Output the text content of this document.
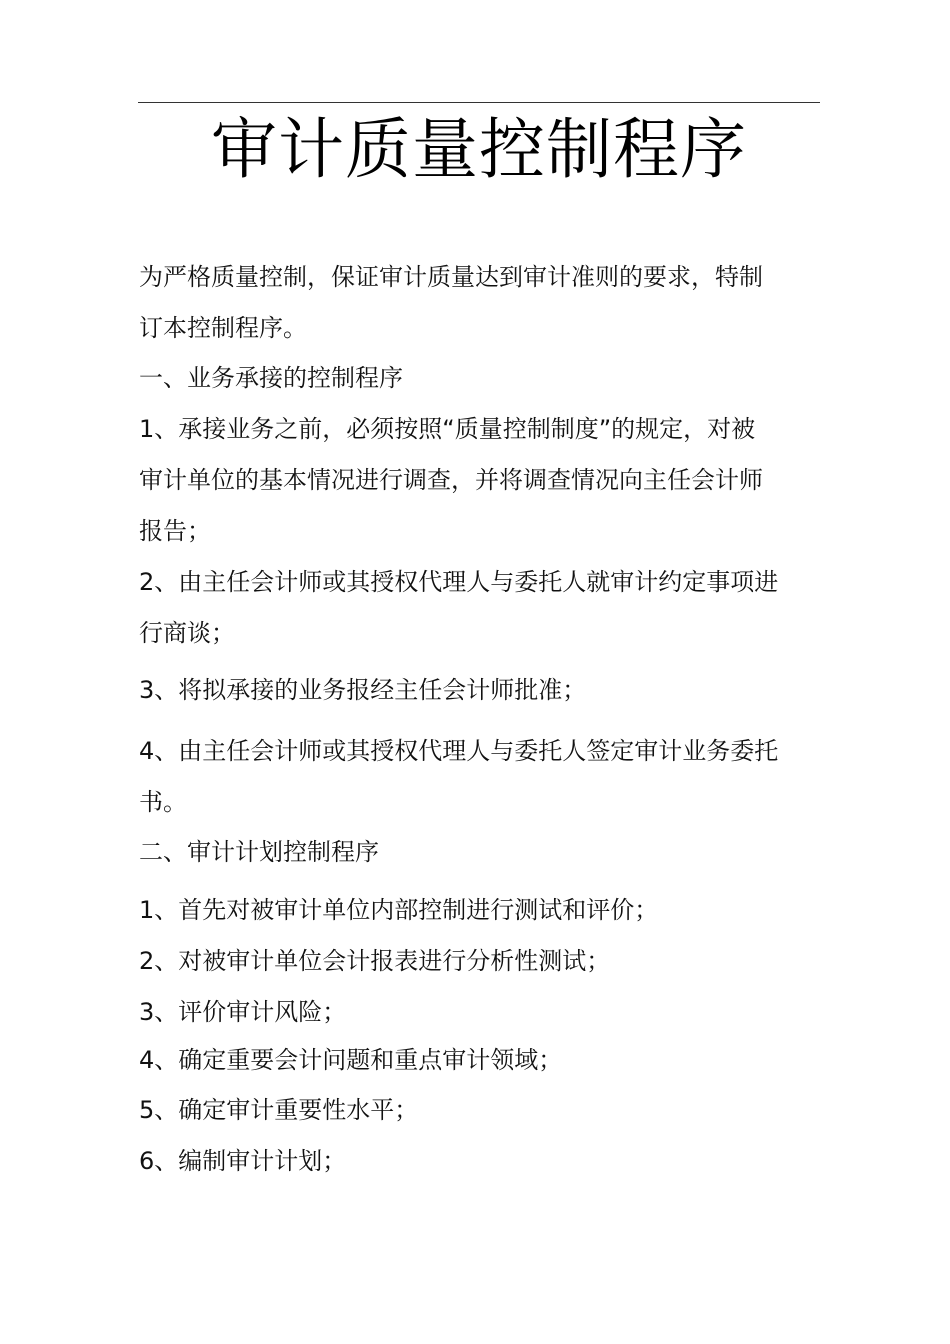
审计质量控制程序
为严格质量控制，保证审计质量达到审计准则的要求，特制
订本控制程序。
一、业务承接的控制程序
1、承接业务之前，必须按照“质量控制制度”的规定，对被
审计单位的基本情况进行调查，并将调查情况向主任会计师
报告；
2、由主任会计师或其授权代理人与委托人就审计约定事项进
行商谈；
3、将拟承接的业务报经主任会计师批准；
4、由主任会计师或其授权代理人与委托人签定审计业务委托
书。
二、审计计划控制程序
1、首先对被审计单位内部控制进行测试和评价；
2、对被审计单位会计报表进行分析性测试；
3、评价审计风险；
4、确定重要会计问题和重点审计领域；
5、确定审计重要性水平；
6、编制审计计划；
